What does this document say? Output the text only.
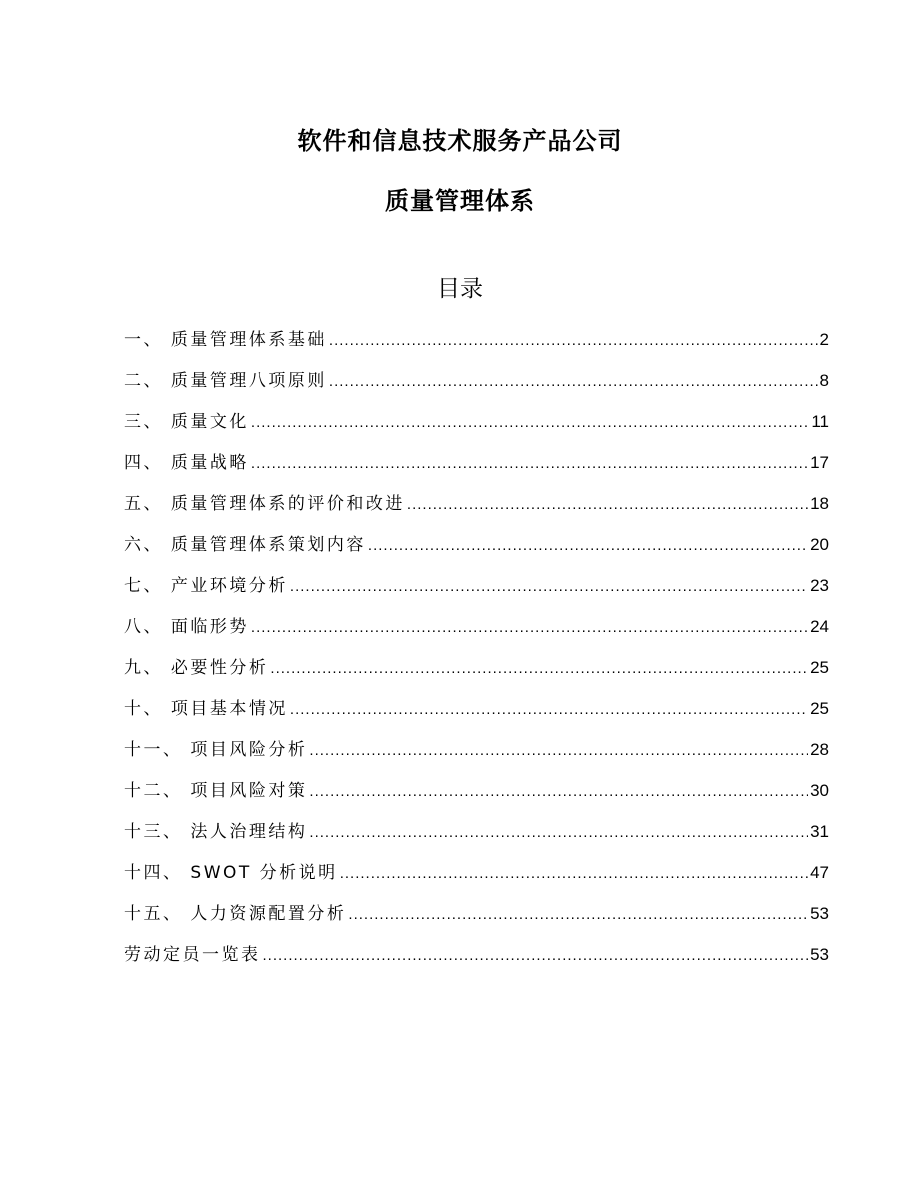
软件和信息技术服务产品公司
质量管理体系
目录
一、 质量管理体系基础 .....	2
二、 质量管理八项原则 .....	8
三、 质量文化 .....	11
四、 质量战略 .....	17
五、 质量管理体系的评价和改进 .....	18
六、 质量管理体系策划内容 .....	20
七、 产业环境分析 .....	23
八、 面临形势 .....	24
九、 必要性分析 .....	25
十、 项目基本情况 .....	25
十一、 项目风险分析 .....	28
十二、 项目风险对策 .....	30
十三、 法人治理结构 .....	31
十四、 SWOT 分析说明 .....	47
十五、 人力资源配置分析 .....	53
劳动定员一览表 .....	53
